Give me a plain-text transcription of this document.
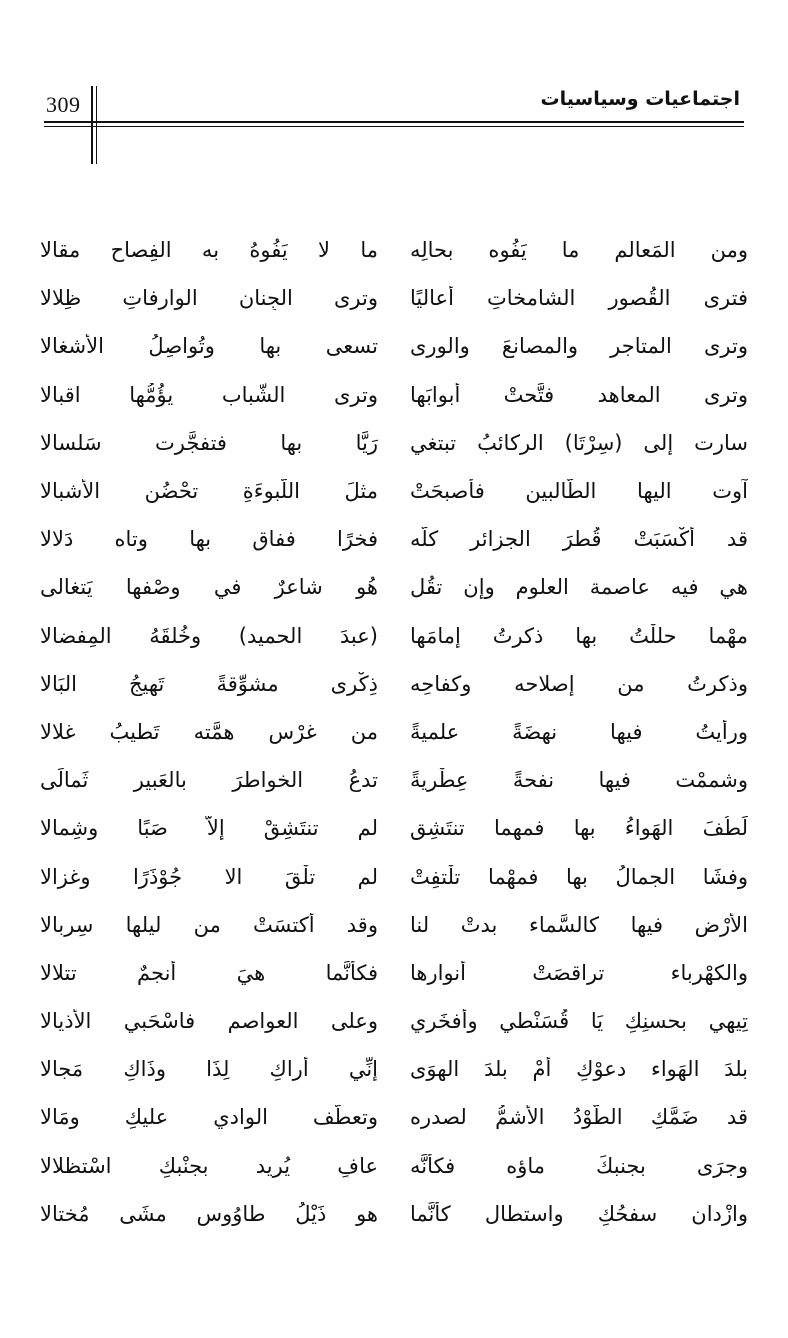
309	اجتماعيات وسياسيات
ومن المَعالم ما يَفُوه بحالِه
ما لا يَفُوهُ به الفِصاح مقالا
فترى القُصور الشامخاتِ أعاليًا
وترى الجِنان الوارفاتِ ظِلالا
وترى المتاجر والمصانعَ والورى
تسعى بها وتُواصِلُ الأشغالا
وترى المعاهد فتَّحتْ أبوابَها
وترى الشَّباب يؤُمُّها اقبالا
سارت إلى (سِرْتَا) الركائبُ تبتغي
رَيًّا بها فتفجَّرت سَلسالا
آوت اليها الطَّالبين فأصبحَتْ
مثلَ اللَّبوءَةِ تحْضُن الأشبالا
قد أكْسَبَتْ قُطرَ الجزائر كلَّه
فخرًا ففاق بها وتاه دَلالا
هي فيه عاصمة العلوم وإن تقُل
هُو شاعرٌ في وصْفها يَتغالى
مهْما حللْتُ بها ذكرتُ إمامَها
(عبدَ الحميد) وخُلقَهُ المِفضالا
وذكرتُ من إصلاحه وكفاحِه
ذِكْرى مشوِّقةً تَهيجُ البَالا
ورأيتُ فيها نهضَةً علميةً
من غرْس همَّته تَطيبُ غلالا
وشممْت فيها نفحةً عِطْريةً
تدعُ الخواطرَ بالعَبير ثَمالَى
لَطُفَ الهَواءُ بها فمهما تنتَشِق
لم تنتَشِقْ إلاَّ صَبًا وشِمالا
وفشَا الجمالُ بها فمهْما تلْتفِتْ
لم تلْقَ الا جُوْذَرًا وغزالا
الأرْض فيها كالسَّماء بدتْ لنا
وقد أكتسَتْ من ليلها سِربالا
والكهْرباء تراقصَتْ أنوارها
فكأنَّما هيَ أنجمٌ تتلالا
تِيهي بحسنِكِ يَا قُسَنْطي وأفخَري
وعلى العواصم فاسْحَبي الأذيالا
بلدَ الهَواء دعوْكِ أمْ بلدَ الهوَى
إنِّي أراكِ لِذَا وذَاكِ مَجالا
قد ضَمَّكِ الطَّوْدُ الأشمُّ لصدرِه
وتعطَّف الوادي عليكِ ومَالا
وجرَى بجنبكَ ماؤه فكأنَّه
عافٍ يُريد بجنْبكِ اسْتظلالا
وازْدان سفحُكِ واستطال كأنَّما
هو ذَيْلُ طاوُوس مشَى مُختالا
